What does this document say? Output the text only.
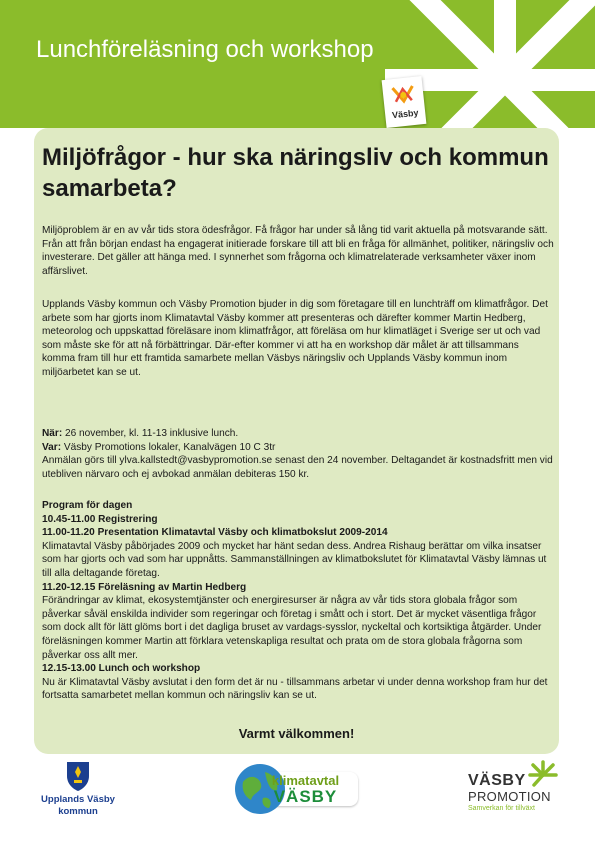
Lunchföreläsning och workshop
Väsby
Miljöfrågor - hur ska näringsliv och kommun samarbeta?

Miljöproblem är en av vår tids stora ödesfrågor. Få frågor har under så lång tid varit aktuella på motsvarande sätt. Från att från början endast ha engagerat initierade forskare till att bli en fråga för allmänhet, politiker, näringsliv och investerare. Det gäller att hänga med. I synnerhet som frågorna och klimatrelaterade verksamheter växer inom affärslivet.

Upplands Väsby kommun och Väsby Promotion bjuder in dig som företagare till en lunchträff om klimatfrågor. Det arbete som har gjorts inom Klimatavtal Väsby kommer att presenteras och därefter kommer Martin Hedberg, meteorolog och uppskattad föreläsare inom klimatfrågor, att föreläsa om hur klimatläget i Sverige ser ut och vad som måste ske för att nå förbättringar. Där-efter kommer vi att ha en workshop där målet är att tillsammans komma fram till hur ett framtida samarbete mellan Väsbys näringsliv och Upplands Väsby kommun inom miljöarbetet kan se ut.

När: 26 november, kl. 11-13 inklusive lunch.
Var: Väsby Promotions lokaler, Kanalvägen 10 C 3tr
Anmälan görs till ylva.kallstedt@vasbypromotion.se senast den 24 november. Deltagandet är kostnadsfritt men vid utebliven närvaro och ej avbokad anmälan debiteras 150 kr.

Program för dagen
10.45-11.00 Registrering
11.00-11.20 Presentation Klimatavtal Väsby och klimatbokslut 2009-2014
Klimatavtal Väsby påbörjades 2009 och mycket har hänt sedan dess. Andrea Rishaug berättar om vilka insatser som har gjorts och vad som har uppnåtts. Sammanställningen av klimatbokslutet för Klimatavtal Väsby lämnas ut till alla deltagande företag.
11.20-12.15 Föreläsning av Martin Hedberg
Förändringar av klimat, ekosystemtjänster och energiresurser är några av vår tids stora globala frågor som påverkar såväl enskilda individer som regeringar och företag i smått och i stort. Det är mycket väsentliga frågor som dock allt för lätt glöms bort i det dagliga bruset av vardags-sysslor, nyckeltal och kortsiktiga åtgärder. Under föreläsningen kommer Martin att förklara vetenskapliga resultat och prata om de stora globala frågorna som påverkar oss allt mer.
12.15-13.00 Lunch och workshop
Nu är Klimatavtal Väsby avslutat i den form det är nu - tillsammans arbetar vi under denna workshop fram hur det fortsatta samarbetet mellan kommun och näringsliv kan se ut.
Varmt välkommen!
Upplands Väsby
kommun
klimatavtal
VÄSBY
VÄSBY
PROMOTION
Samverkan för tillväxt
